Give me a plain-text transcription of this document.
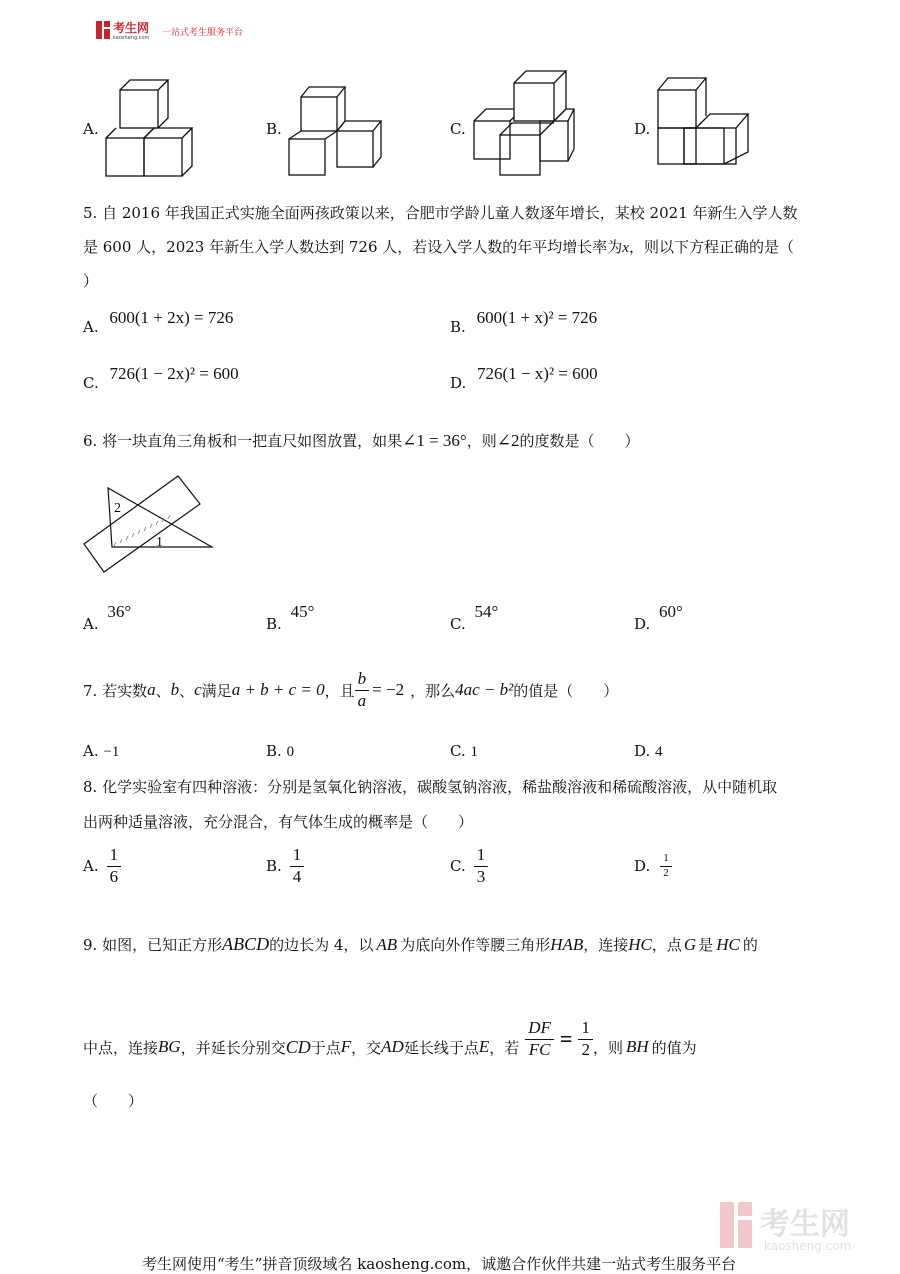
考生网
kaosheng.com 一站式考生服务平台
A.	B.	C.	D.
5. 自 2016 年我国正式实施全面两孩政策以来，合肥市学龄儿童人数逐年增长，某校 2021 年新生入学人数
是 600 人，2023 年新生入学人数达到 726 人，若设入学人数的年平均增长率为x，则以下方程正确的是（
）
A. 600(1 + 2x) = 726	B. 600(1 + x)² = 726
C. 726(1 − 2x)² = 600	D. 726(1 − x)² = 600
6. 将一块直角三角板和一把直尺如图放置，如果∠1 = 36°，则∠2的度数是（　　）
2
1
A. 36°
B. 45°
C. 54°
D. 60°
7. 若实数 a 、 b 、 c 满足 a + b + c = 0 ，且 $\frac{b}{a} = -2$ ，那么 4ac − b² 的值是（　　）
A. −1	B. 0	C. 1	D. 4
8. 化学实验室有四种溶液：分别是氢氧化钠溶液，碳酸氢钠溶液，稀盐酸溶液和稀硫酸溶液，从中随机取
出两种适量溶液，充分混合，有气体生成的概率是（　　）
A. $\frac{1}{6}$	B. $\frac{1}{4}$	C. $\frac{1}{3}$	D. $\frac{1}{2}$
9. 如图，已知正方形 ABCD 的边长为 4，以 AB 为底向外作等腰三角形 HAB ，连接 HC ，点 G 是 HC 的
中点，连接 BG ，并延长分别交 CD 于点 F ，交 AD 延长线于点 E ，若 $\frac{DF}{FC} = \frac{1}{2}$ ，则 BH 的值为
（　　）
考生网
kaosheng.com
考生网使用“考生”拼音顶级域名 kaosheng.com，诚邀合作伙伴共建一站式考生服务平台
